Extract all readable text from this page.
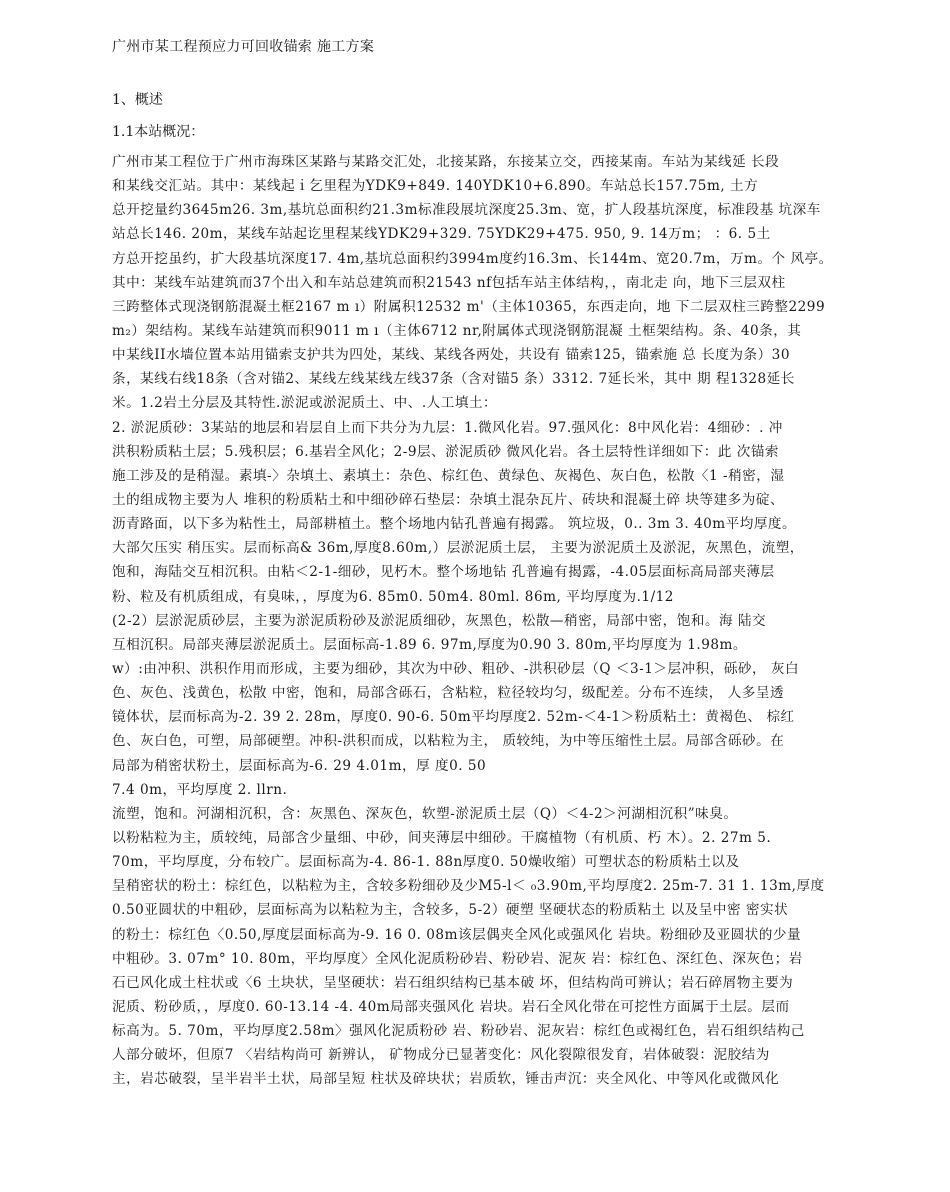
广州市某工程预应力可回收锚索 施工方案
1、概述
1.1本站概况：
广州市某工程位于广州市海珠区某路与某路交汇处，北接某路，东接某立交，西接某南。车站为某线延 长段
和某线交汇站。其中：某线起ｉ乞里程为YDK9+849. 140YDK10+6.890。车站总长157.75m, 土方
总开挖量约3645m26. 3m,基坑总面积约21.3m标准段展坑深度25.3m、宽，扩人段基坑深度，标准段基 坑深车
站总长146. 20m，某线车站起讫里程某线YDK29+329. 75YDK29+475. 950, 9. 14万m； ：6. 5土
方总开挖虽约，扩大段基坑深度17. 4m,基坑总面积约3994m度约16.3m、长144m、宽20.7m，万m。个 风亭。
其中：某线车站建筑而37个出入和车站总建筑而积21543 nf包括车站主体结构，，南北走 向，地下三层双柱
三跨整体式现浇钢筋混凝土框2167 m ı）附属积12532 m'（主体10365，东西走向，地 下二层双柱三跨整2299
m₂）架结构。某线车站建筑而积9011 m ı（主体6712 nr,附属体式现浇钢筋混凝 土框架结构。条、40条，其
中某线II水墙位置本站用锚索支护共为四处，某线、某线各两处，共设有 锚索125，锚索施 总 长度为条）30
条，某线右线18条（含对锚2、某线左线某线左线37条（含对锚5 条）3312. 7延长米，其中 期 程1328延长
米。1.2岩土分层及其特性.淤泥或淤泥质土、中、.人工填土：
2. 淤泥质砂：3某站的地层和岩层自上而下共分为九层：1.微风化岩。97.强风化：8中风化岩：4细砂：. 冲
洪积粉质粘土层；5.残积层；6.基岩全风化；2-9层、淤泥质砂 微风化岩。各土层特性详细如下：此 次锚索
施工涉及的是稍湿。素填-〉杂填土、素填土：杂色、棕红色、黄绿色、灰褐色、灰白色，松散〈1 -稍密，湿
土的组成物主要为人 堆积的粉质粘土和中细砂碎石垫层：杂填土混杂瓦片、砖块和混凝土碎 块等建多为碇、
沥青路面，以下多为粘性土，局部耕植土。整个场地内钻孔普遍有揭露。 筑垃圾，0.. 3m 3. 40m平均厚度。
大部欠压实 稍压实。层而标高& 36m,厚度8.60m,）层淤泥质土层， 主要为淤泥质土及淤泥，灰黑色，流塑，
饱和，海陆交互相沉积。由粘＜2-1-细砂，见朽木。整个场地钻 孔普遍有揭露，-4.05层面标高局部夹薄层
粉、粒及有机质组成，有臭味，，厚度为6. 85m0. 50m4. 80ml. 86m, 平均厚度为.1/12
(2-2）层淤泥质砂层，主要为淤泥质粉砂及淤泥质细砂，灰黑色，松散—稍密，局部中密，饱和。海 陆交
互相沉积。局部夹薄层淤泥质土。层面标高-1.89 6. 97m,厚度为0.90 3. 80m,平均厚度为 1.98m。
w）:由冲积、洪积作用而形成，主要为细砂，其次为中砂、粗砂、-洪积砂层（Q ＜3-1＞层冲积，砾砂， 灰白
色、灰色、浅黄色，松散 中密，饱和，局部含砾石，含粘粒，粒径较均匀，级配差。分布不连续， 人多呈透
镜体状，层而标高为-2. 39 2. 28m，厚度0. 90-6. 50m平均厚度2. 52m-＜4-1＞粉质粘土：黄褐色、 棕红
色、灰白色，可塑，局部硬塑。冲积-洪积而成，以粘粒为主， 质较纯，为中等压缩性土层。局部含砾砂。在
局部为稍密状粉土，层面标高为-6. 29 4.01m，厚 度0. 50
7.4 0m，平均厚度 2. llrn.
流塑，饱和。河湖相沉积，含：灰黑色、深灰色，软塑-淤泥质土层（Q）＜4-2＞河湖相沉积”味臭。
以粉粘粒为主，质较纯，局部含少量细、中砂，间夹薄层中细砂。干腐植物（有机质、朽 木）。2. 27m 5.
70m，平均厚度，分布较广。层面标高为-4. 86-1. 88n厚度0. 50燥收缩）可塑状态的粉质粘土以及
呈稍密状的粉土：棕红色，以粘粒为主，含较多粉细砂及少M5-l＜ ₀3.90m,平均厚度2. 25m-7. 31 1. 13m,厚度
0.50亚圆状的中粗砂，层面标高为以粘粒为主，含较多，5-2）硬塑 坚硬状态的粉质粘土 以及呈中密 密实状
的粉土：棕红色〈0.50,厚度层面标高为-9. 16 0. 08m该层偶夹全风化或强风化 岩块。粉细砂及亚圆状的少量
中粗砂。3. 07m° 10. 80m，平均厚度〉全风化泥质粉砂岩、粉砂岩、泥灰 岩：棕红色、深红色、深灰色；岩
石已风化成土柱状或〈6 土块状，呈坚硬状：岩石组织结构已基本破 坏，但结构尚可辨认；岩石碎屑物主要为
泥质、粉砂质，，厚度0. 60-13.14 -4. 40m局部夹强风化 岩块。岩石全风化带在可挖性方面属于土层。层而
标高为。5. 70m，平均厚度2.58m〉强风化泥质粉砂 岩、粉砂岩、泥灰岩：棕红色或褐红色，岩石组织结构己
人部分破坏，但原7 〈岩结构尚可 新辨认， 矿物成分已显著变化：风化裂隙很发育，岩体破裂：泥胶结为
主，岩芯破裂，呈半岩半土状，局部呈短 柱状及碎块状；岩质软，锤击声沉：夹全风化、中等风化或微风化
